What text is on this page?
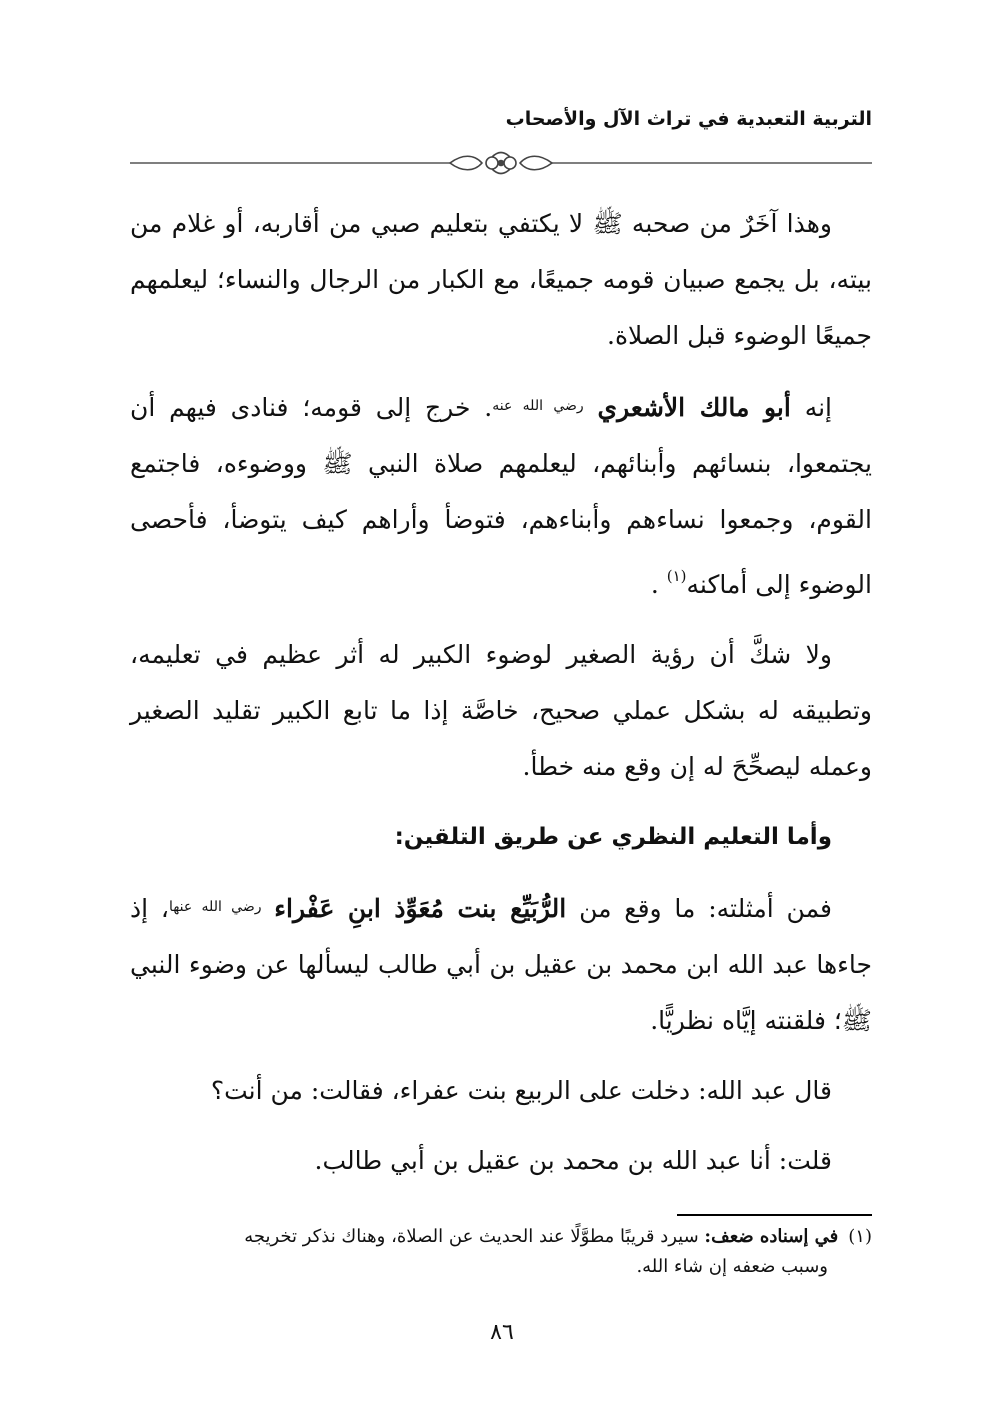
التربية التعبدية في تراث الآل والأصحاب

وهذا آخَرٌ من صحبه ﷺ لا يكتفي بتعليم صبي من أقاربه، أو غلام من بيته، بل يجمع صبيان قومه جميعًا، مع الكبار من الرجال والنساء؛ ليعلمهم جميعًا الوضوء قبل الصلاة.

إنه أبو مالك الأشعري $^{رضي الله عنه}$. خرج إلى قومه؛ فنادى فيهم أن يجتمعوا، بنسائهم وأبنائهم، ليعلمهم صلاة النبي ﷺ ووضوءه، فاجتمع القوم، وجمعوا نساءهم وأبناءهم، فتوضأ وأراهم كيف يتوضأ، فأحصى الوضوء إلى أماكنه$^{(١)}$ .

ولا شكَّ أن رؤية الصغير لوضوء الكبير له أثر عظيم في تعليمه، وتطبيقه له بشكل عملي صحيح، خاصَّة إذا ما تابع الكبير تقليد الصغير وعمله ليصحِّحَ له إن وقع منه خطأ.

وأما التعليم النظري عن طريق التلقين:

فمن أمثلته: ما وقع من الرُّبَيِّع بنت مُعَوِّذ ابنِ عَفْراء $^{رضي الله عنها}$، إذ جاءها عبد الله ابن محمد بن عقيل بن أبي طالب ليسألها عن وضوء النبي ﷺ؛ فلقنته إيَّاه نظريًّا.

قال عبد الله: دخلت على الربيع بنت عفراء، فقالت: من أنت؟

قلت: أنا عبد الله بن محمد بن عقيل بن أبي طالب.

(١)في إسناده ضعف: سيرد قريبًا مطوَّلًا عند الحديث عن الصلاة، وهناك نذكر تخريجه
وسبب ضعفه إن شاء الله.
٨٦
